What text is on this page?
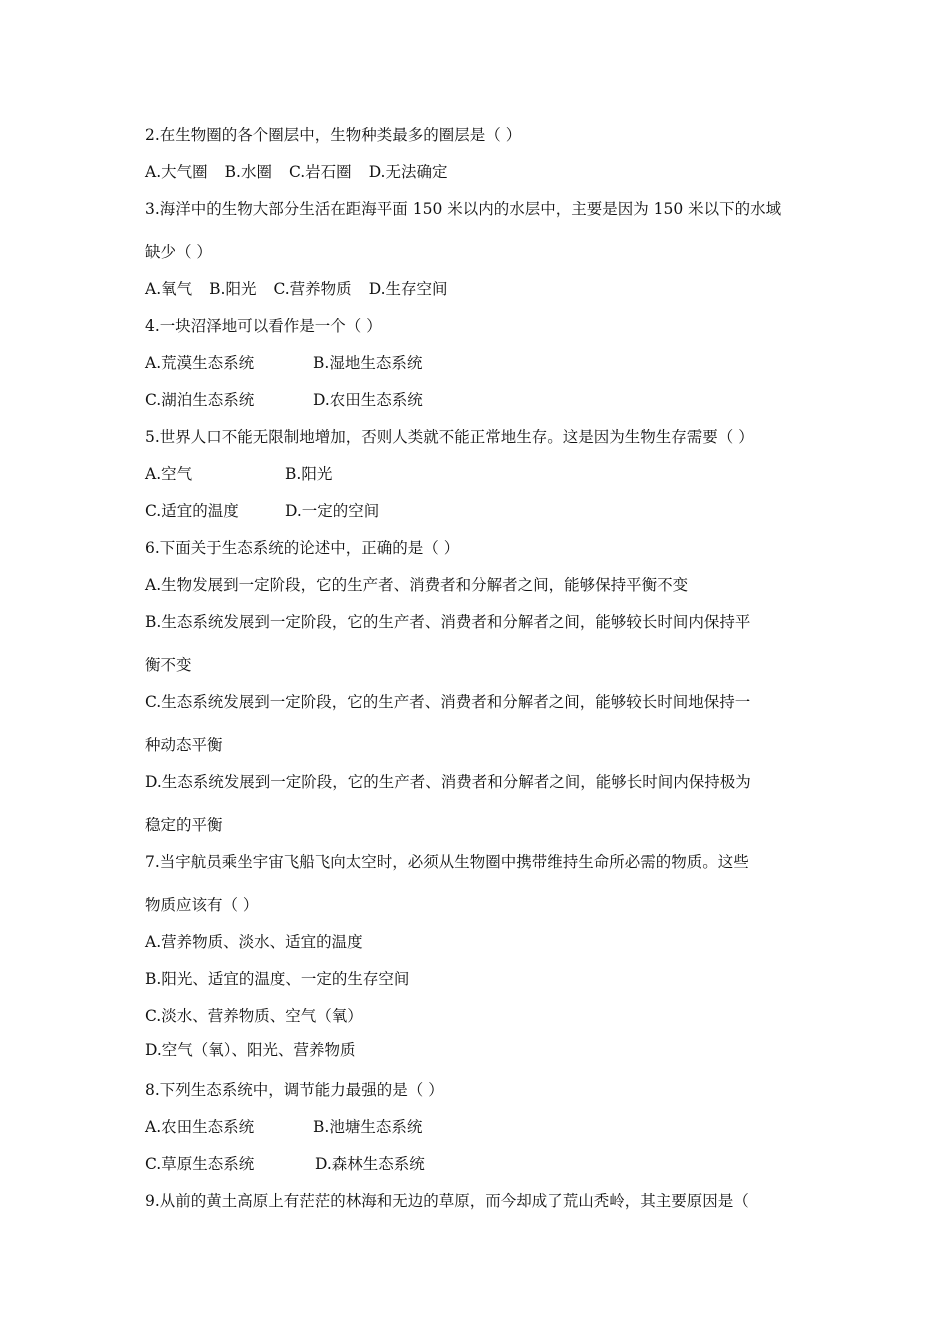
2.在生物圈的各个圈层中，生物种类最多的圈层是（ ）

A.大气圈 B.水圈 C.岩石圈 D.无法确定

3.海洋中的生物大部分生活在距海平面 150 米以内的水层中，主要是因为 150 米以下的水域

缺少（ ）

A.氧气 B.阳光 C.营养物质 D.生存空间

4.一块沼泽地可以看作是一个（ ）

A.荒漠生态系统	B.湿地生态系统
C.湖泊生态系统	D.农田生态系统

5.世界人口不能无限制地增加，否则人类就不能正常地生存。这是因为生物生存需要（ ）

A.空气	B.阳光
C.适宜的温度	D.一定的空间

6.下面关于生态系统的论述中，正确的是（ ）

A.生物发展到一定阶段，它的生产者、消费者和分解者之间，能够保持平衡不变

B.生态系统发展到一定阶段，它的生产者、消费者和分解者之间，能够较长时间内保持平

衡不变

C.生态系统发展到一定阶段，它的生产者、消费者和分解者之间，能够较长时间地保持一

种动态平衡

D.生态系统发展到一定阶段，它的生产者、消费者和分解者之间，能够长时间内保持极为

稳定的平衡

7.当宇航员乘坐宇宙飞船飞向太空时，必须从生物圈中携带维持生命所必需的物质。这些

物质应该有（ ）

A.营养物质、淡水、适宜的温度

B.阳光、适宜的温度、一定的生存空间

C.淡水、营养物质、空气（氧）

D.空气（氧）、阳光、营养物质

8.下列生态系统中，调节能力最强的是（ ）

A.农田生态系统	B.池塘生态系统
C.草原生态系统	D.森林生态系统

9.从前的黄土高原上有茫茫的林海和无边的草原，而今却成了荒山秃岭，其主要原因是（
